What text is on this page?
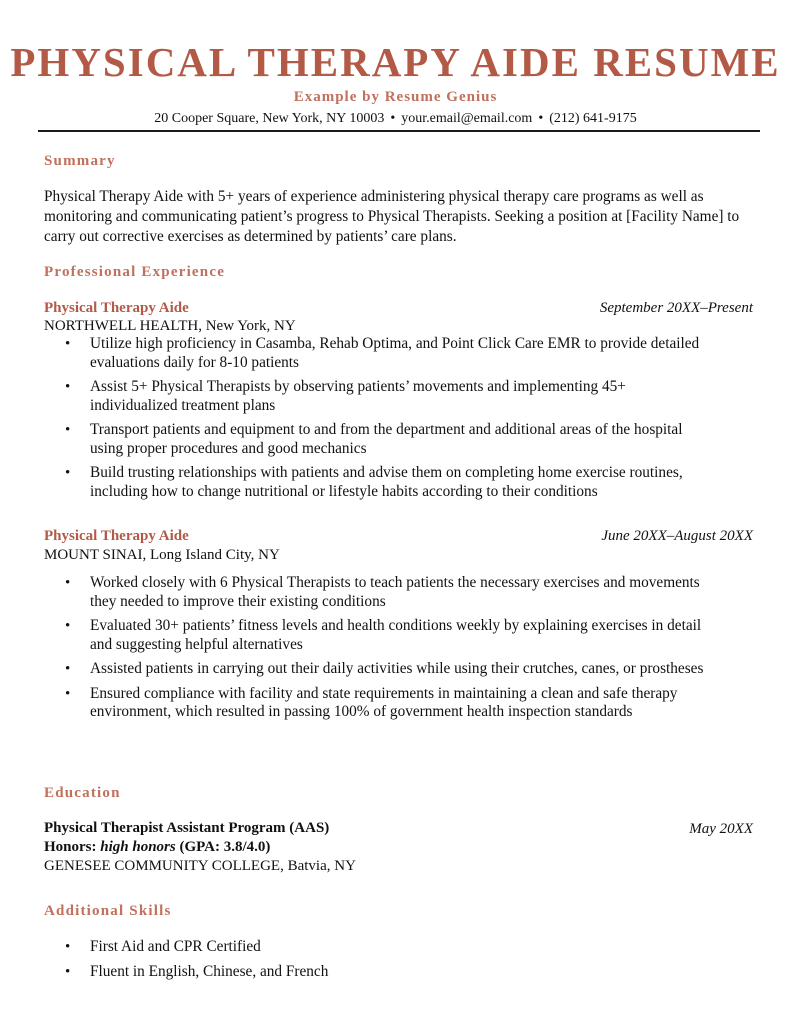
PHYSICAL THERAPY AIDE RESUME
Example by Resume Genius
20 Cooper Square, New York, NY 10003 • your.email@email.com • (212) 641-9175
Summary
Physical Therapy Aide with 5+ years of experience administering physical therapy care programs as well as monitoring and communicating patient’s progress to Physical Therapists. Seeking a position at [Facility Name] to carry out corrective exercises as determined by patients’ care plans.
Professional Experience
Physical Therapy Aide	September 20XX–Present
NORTHWELL HEALTH, New York, NY
• Utilize high proficiency in Casamba, Rehab Optima, and Point Click Care EMR to provide detailed evaluations daily for 8-10 patients
• Assist 5+ Physical Therapists by observing patients’ movements and implementing 45+ individualized treatment plans
• Transport patients and equipment to and from the department and additional areas of the hospital using proper procedures and good mechanics
• Build trusting relationships with patients and advise them on completing home exercise routines, including how to change nutritional or lifestyle habits according to their conditions
Physical Therapy Aide	June 20XX–August 20XX
MOUNT SINAI, Long Island City, NY
• Worked closely with 6 Physical Therapists to teach patients the necessary exercises and movements they needed to improve their existing conditions
• Evaluated 30+ patients’ fitness levels and health conditions weekly by explaining exercises in detail and suggesting helpful alternatives
• Assisted patients in carrying out their daily activities while using their crutches, canes, or prostheses
• Ensured compliance with facility and state requirements in maintaining a clean and safe therapy environment, which resulted in passing 100% of government health inspection standards
Education
Physical Therapist Assistant Program (AAS)	May 20XX
Honors: high honors (GPA: 3.8/4.0)
GENESEE COMMUNITY COLLEGE, Batvia, NY
Additional Skills
• First Aid and CPR Certified
• Fluent in English, Chinese, and French
